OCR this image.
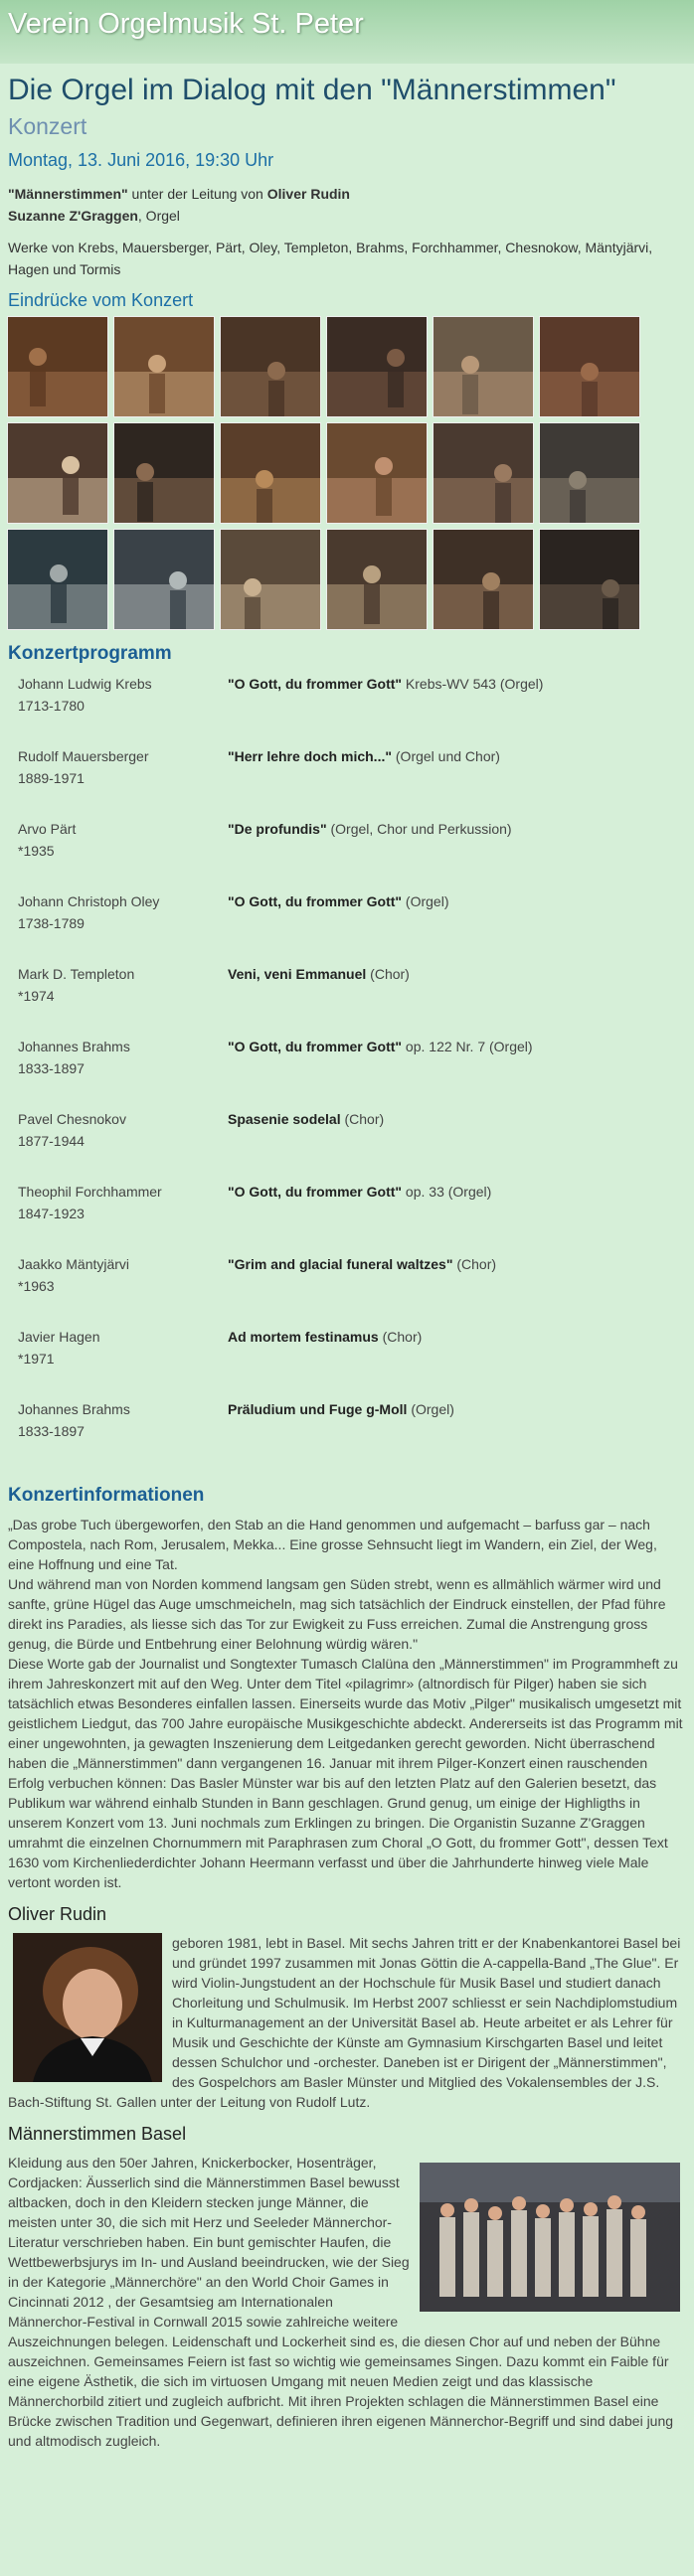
Verein Orgelmusik St. Peter
Die Orgel im Dialog mit den "Männerstimmen"
Konzert
Montag, 13. Juni 2016, 19:30 Uhr

"Männerstimmen" unter der Leitung von Oliver Rudin
Suzanne Z'Graggen, Orgel

Werke von Krebs, Mauersberger, Pärt, Oley, Templeton, Brahms, Forchhammer, Chesnokow, Mäntyjärvi, Hagen und Tormis

Eindrücke vom Konzert
Konzertprogramm
Johann Ludwig Krebs
1713-1780
"O Gott, du frommer Gott" Krebs-WV 543 (Orgel)
Rudolf Mauersberger
1889-1971
"Herr lehre doch mich..." (Orgel und Chor)
Arvo Pärt
*1935
"De profundis" (Orgel, Chor und Perkussion)
Johann Christoph Oley
1738-1789
"O Gott, du frommer Gott" (Orgel)
Mark D. Templeton
*1974
Veni, veni Emmanuel (Chor)
Johannes Brahms
1833-1897
"O Gott, du frommer Gott" op. 122 Nr. 7 (Orgel)
Pavel Chesnokov
1877-1944
Spasenie sodelal (Chor)
Theophil Forchhammer
1847-1923
"O Gott, du frommer Gott" op. 33 (Orgel)
Jaakko Mäntyjärvi
*1963
"Grim and glacial funeral waltzes" (Chor)
Javier Hagen
*1971
Ad mortem festinamus (Chor)
Johannes Brahms
1833-1897
Präludium und Fuge g-Moll (Orgel)
Konzertinformationen
„Das grobe Tuch übergeworfen, den Stab an die Hand genommen und aufgemacht – barfuss gar – nach Compostela, nach Rom, Jerusalem, Mekka... Eine grosse Sehnsucht liegt im Wandern, ein Ziel, der Weg, eine Hoffnung und eine Tat.
Und während man von Norden kommend langsam gen Süden strebt, wenn es allmählich wärmer wird und sanfte, grüne Hügel das Auge umschmeicheln, mag sich tatsächlich der Eindruck einstellen, der Pfad führe direkt ins Paradies, als liesse sich das Tor zur Ewigkeit zu Fuss erreichen. Zumal die Anstrengung gross genug, die Bürde und Entbehrung einer Belohnung würdig wären."
Diese Worte gab der Journalist und Songtexter Tumasch Clalüna den „Männerstimmen" im Programmheft zu ihrem Jahreskonzert mit auf den Weg. Unter dem Titel «pilagrimr» (altnordisch für Pilger) haben sie sich tatsächlich etwas Besonderes einfallen lassen. Einerseits wurde das Motiv „Pilger" musikalisch umgesetzt mit geistlichem Liedgut, das 700 Jahre europäische Musikgeschichte abdeckt. Andererseits ist das Programm mit einer ungewohnten, ja gewagten Inszenierung dem Leitgedanken gerecht geworden. Nicht überraschend haben die „Männerstimmen" dann vergangenen 16. Januar mit ihrem Pilger-Konzert einen rauschenden Erfolg verbuchen können: Das Basler Münster war bis auf den letzten Platz auf den Galerien besetzt, das Publikum war während einhalb Stunden in Bann geschlagen. Grund genug, um einige der Highligths in unserem Konzert vom 13. Juni nochmals zum Erklingen zu bringen. Die Organistin Suzanne Z'Graggen umrahmt die einzelnen Chornummern mit Paraphrasen zum Choral „O Gott, du frommer Gott", dessen Text 1630 vom Kirchenliederdichter Johann Heermann verfasst und über die Jahrhunderte hinweg viele Male vertont worden ist.
Oliver Rudin
geboren 1981, lebt in Basel. Mit sechs Jahren tritt er der Knabenkantorei Basel bei und gründet 1997 zusammen mit Jonas Göttin die A-cappella-Band „The Glue". Er wird Violin-Jungstudent an der Hochschule für Musik Basel und studiert danach Chorleitung und Schulmusik. Im Herbst 2007 schliesst er sein Nachdiplomstudium in Kulturmanagement an der Universität Basel ab. Heute arbeitet er als Lehrer für Musik und Geschichte der Künste am Gymnasium Kirschgarten Basel und leitet dessen Schulchor und -orchester. Daneben ist er Dirigent der „Männerstimmen", des Gospelchors am Basler Münster und Mitglied des Vokalensembles der J.S. Bach-Stiftung St. Gallen unter der Leitung von Rudolf Lutz.
Männerstimmen Basel
Kleidung aus den 50er Jahren, Knickerbocker, Hosenträger, Cordjacken: Äusserlich sind die Männerstimmen Basel bewusst altbacken, doch in den Kleidern stecken junge Männer, die meisten unter 30, die sich mit Herz und Seeleder Männerchor-Literatur verschrieben haben. Ein bunt gemischter Haufen, die Wettbewerbsjurys im In- und Ausland beeindrucken, wie der Sieg in der Kategorie „Männerchöre" an den World Choir Games in Cincinnati 2012 , der Gesamtsieg am Internationalen Männerchor-Festival in Cornwall 2015 sowie zahlreiche weitere Auszeichnungen belegen. Leidenschaft und Lockerheit sind es, die diesen Chor auf und neben der Bühne auszeichnen. Gemeinsames Feiern ist fast so wichtig wie gemeinsames Singen. Dazu kommt ein Faible für eine eigene Ästhetik, die sich im virtuosen Umgang mit neuen Medien zeigt und das klassische Männerchorbild zitiert und zugleich aufbricht. Mit ihren Projekten schlagen die Männerstimmen Basel eine Brücke zwischen Tradition und Gegenwart, definieren ihren eigenen Männerchor-Begriff und sind dabei jung und altmodisch zugleich.
